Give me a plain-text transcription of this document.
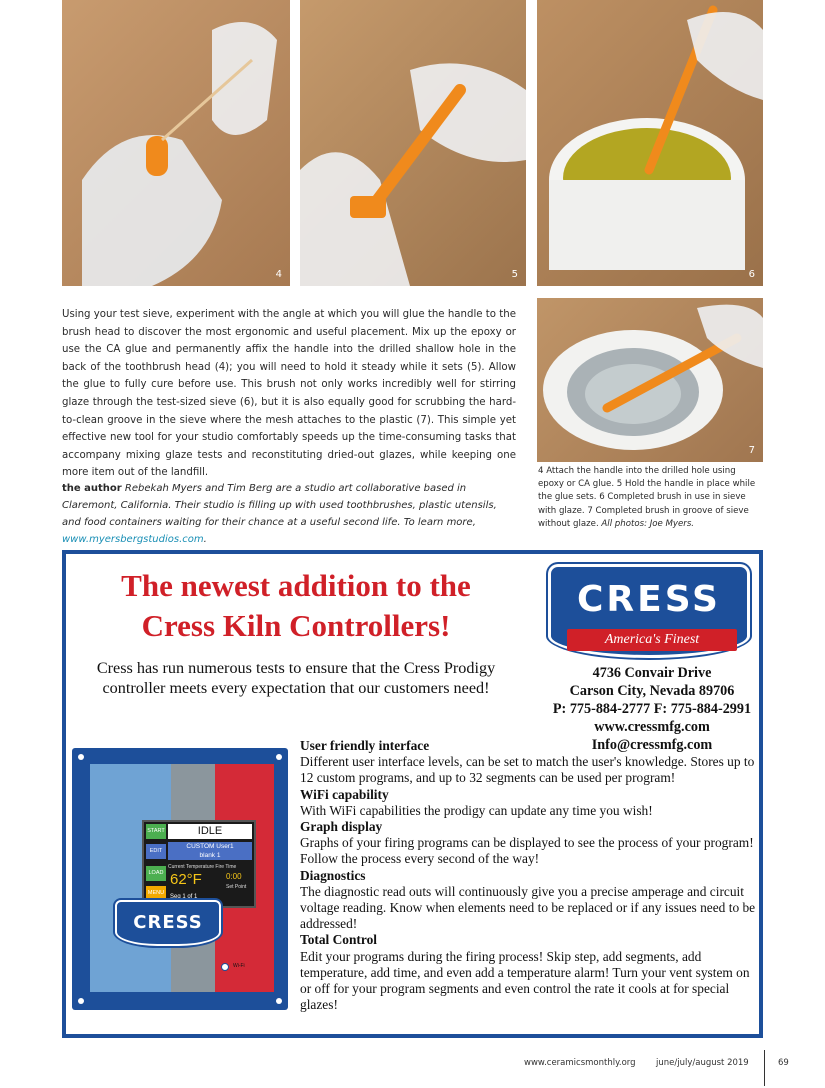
4	5	6
7

Using your test sieve, experiment with the angle at which you will glue the handle to the brush head to discover the most ergonomic and useful placement. Mix up the epoxy or use the CA glue and permanently affix the handle into the drilled shallow hole in the back of the toothbrush head (4); you will need to hold it steady while it sets (5). Allow the glue to fully cure before use. This brush not only works incredibly well for stirring glaze through the test-sized sieve (6), but it is also equally good for scrubbing the hard-to-clean groove in the sieve where the mesh attaches to the plastic (7). This simple yet effective new tool for your studio comfortably speeds up the time-consuming tasks that accompany mixing glaze tests and reconstituting dried-out glazes, while keeping one more item out of the landfill.

the author Rebekah Myers and Tim Berg are a studio art collaborative based in Claremont, California. Their studio is filling up with used toothbrushes, plastic utensils, and food containers waiting for their chance at a useful second life. To learn more, www.myersbergstudios.com.

4 Attach the handle into the drilled hole using epoxy or CA glue. 5 Hold the handle in place while the glue sets. 6 Completed brush in use in sieve with glaze. 7 Completed brush in groove of sieve without glaze. All photos: Joe Myers.

The newest addition to the
Cress Kiln Controllers!
Cress has run numerous tests to ensure that the Cress Prodigy controller meets every expectation that our customers need!
CRESS
America's Finest
4736 Convair Drive
Carson City, Nevada 89706
P: 775-884-2777 F: 775-884-2991
www.cressmfg.com
Info@cressmfg.com
START
EDIT
LOAD
MENU
IDLE
CUSTOM User1
blank 1
Current Temperature Fire Time
62°F	0:00
Set Point
Seg 1 of 1
CRESS
Wi-Fi
User friendly interface
Different user interface levels, can be set to match the user's knowledge. Stores up to 12 custom programs, and up to 32 segments can be used per program!
WiFi capability
With WiFi capabilities the prodigy can update any time you wish!
Graph display
Graphs of your firing programs can be displayed to see the process of your program! Follow the process every second of the way!
Diagnostics
The diagnostic read outs will continuously give you a precise amperage and circuit voltage reading. Know when elements need to be replaced or if any issues need to be addressed!
Total Control
Edit your programs during the firing process! Skip step, add segments, add temperature, add time, and even add a temperature alarm! Turn your vent system on or off for your program segments and even control the rate it cools at for special glazes!
www.ceramicsmonthly.org june/july/august 2019	69
